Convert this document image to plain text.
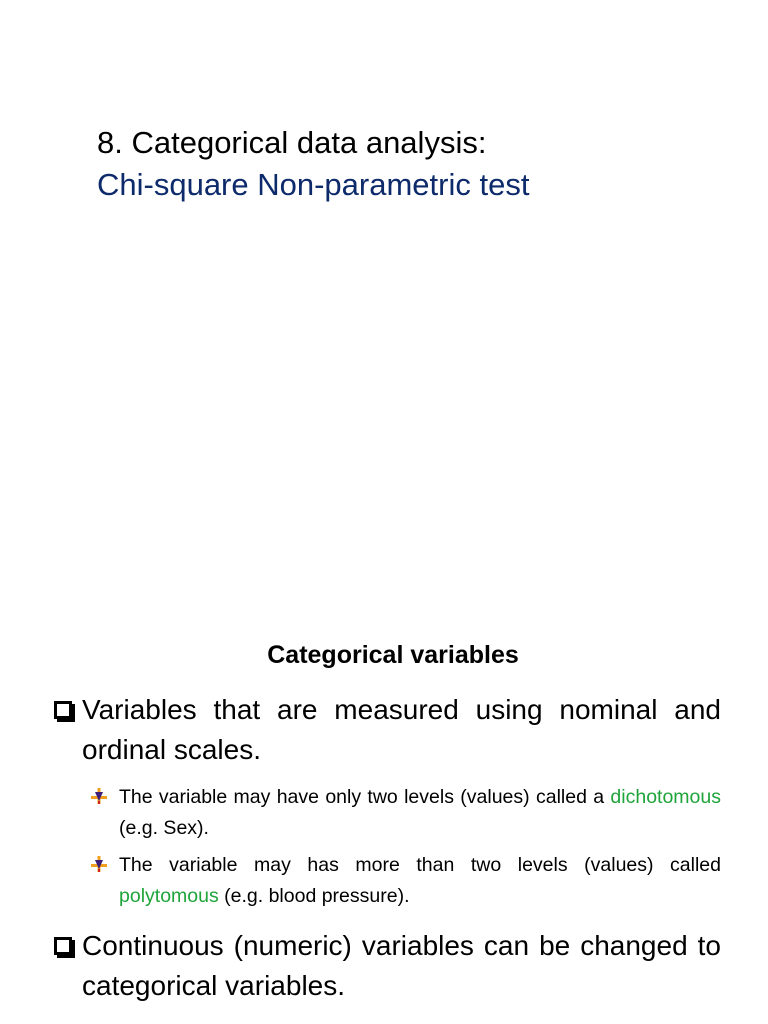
8. Categorical data analysis:
Chi-square Non-parametric test
Categorical variables
Variables that are measured using nominal and ordinal scales.
The variable may have only two levels (values) called a dichotomous (e.g. Sex).
The variable may has more than two levels (values) called polytomous (e.g. blood pressure).
Continuous (numeric) variables can be changed to categorical variables.
